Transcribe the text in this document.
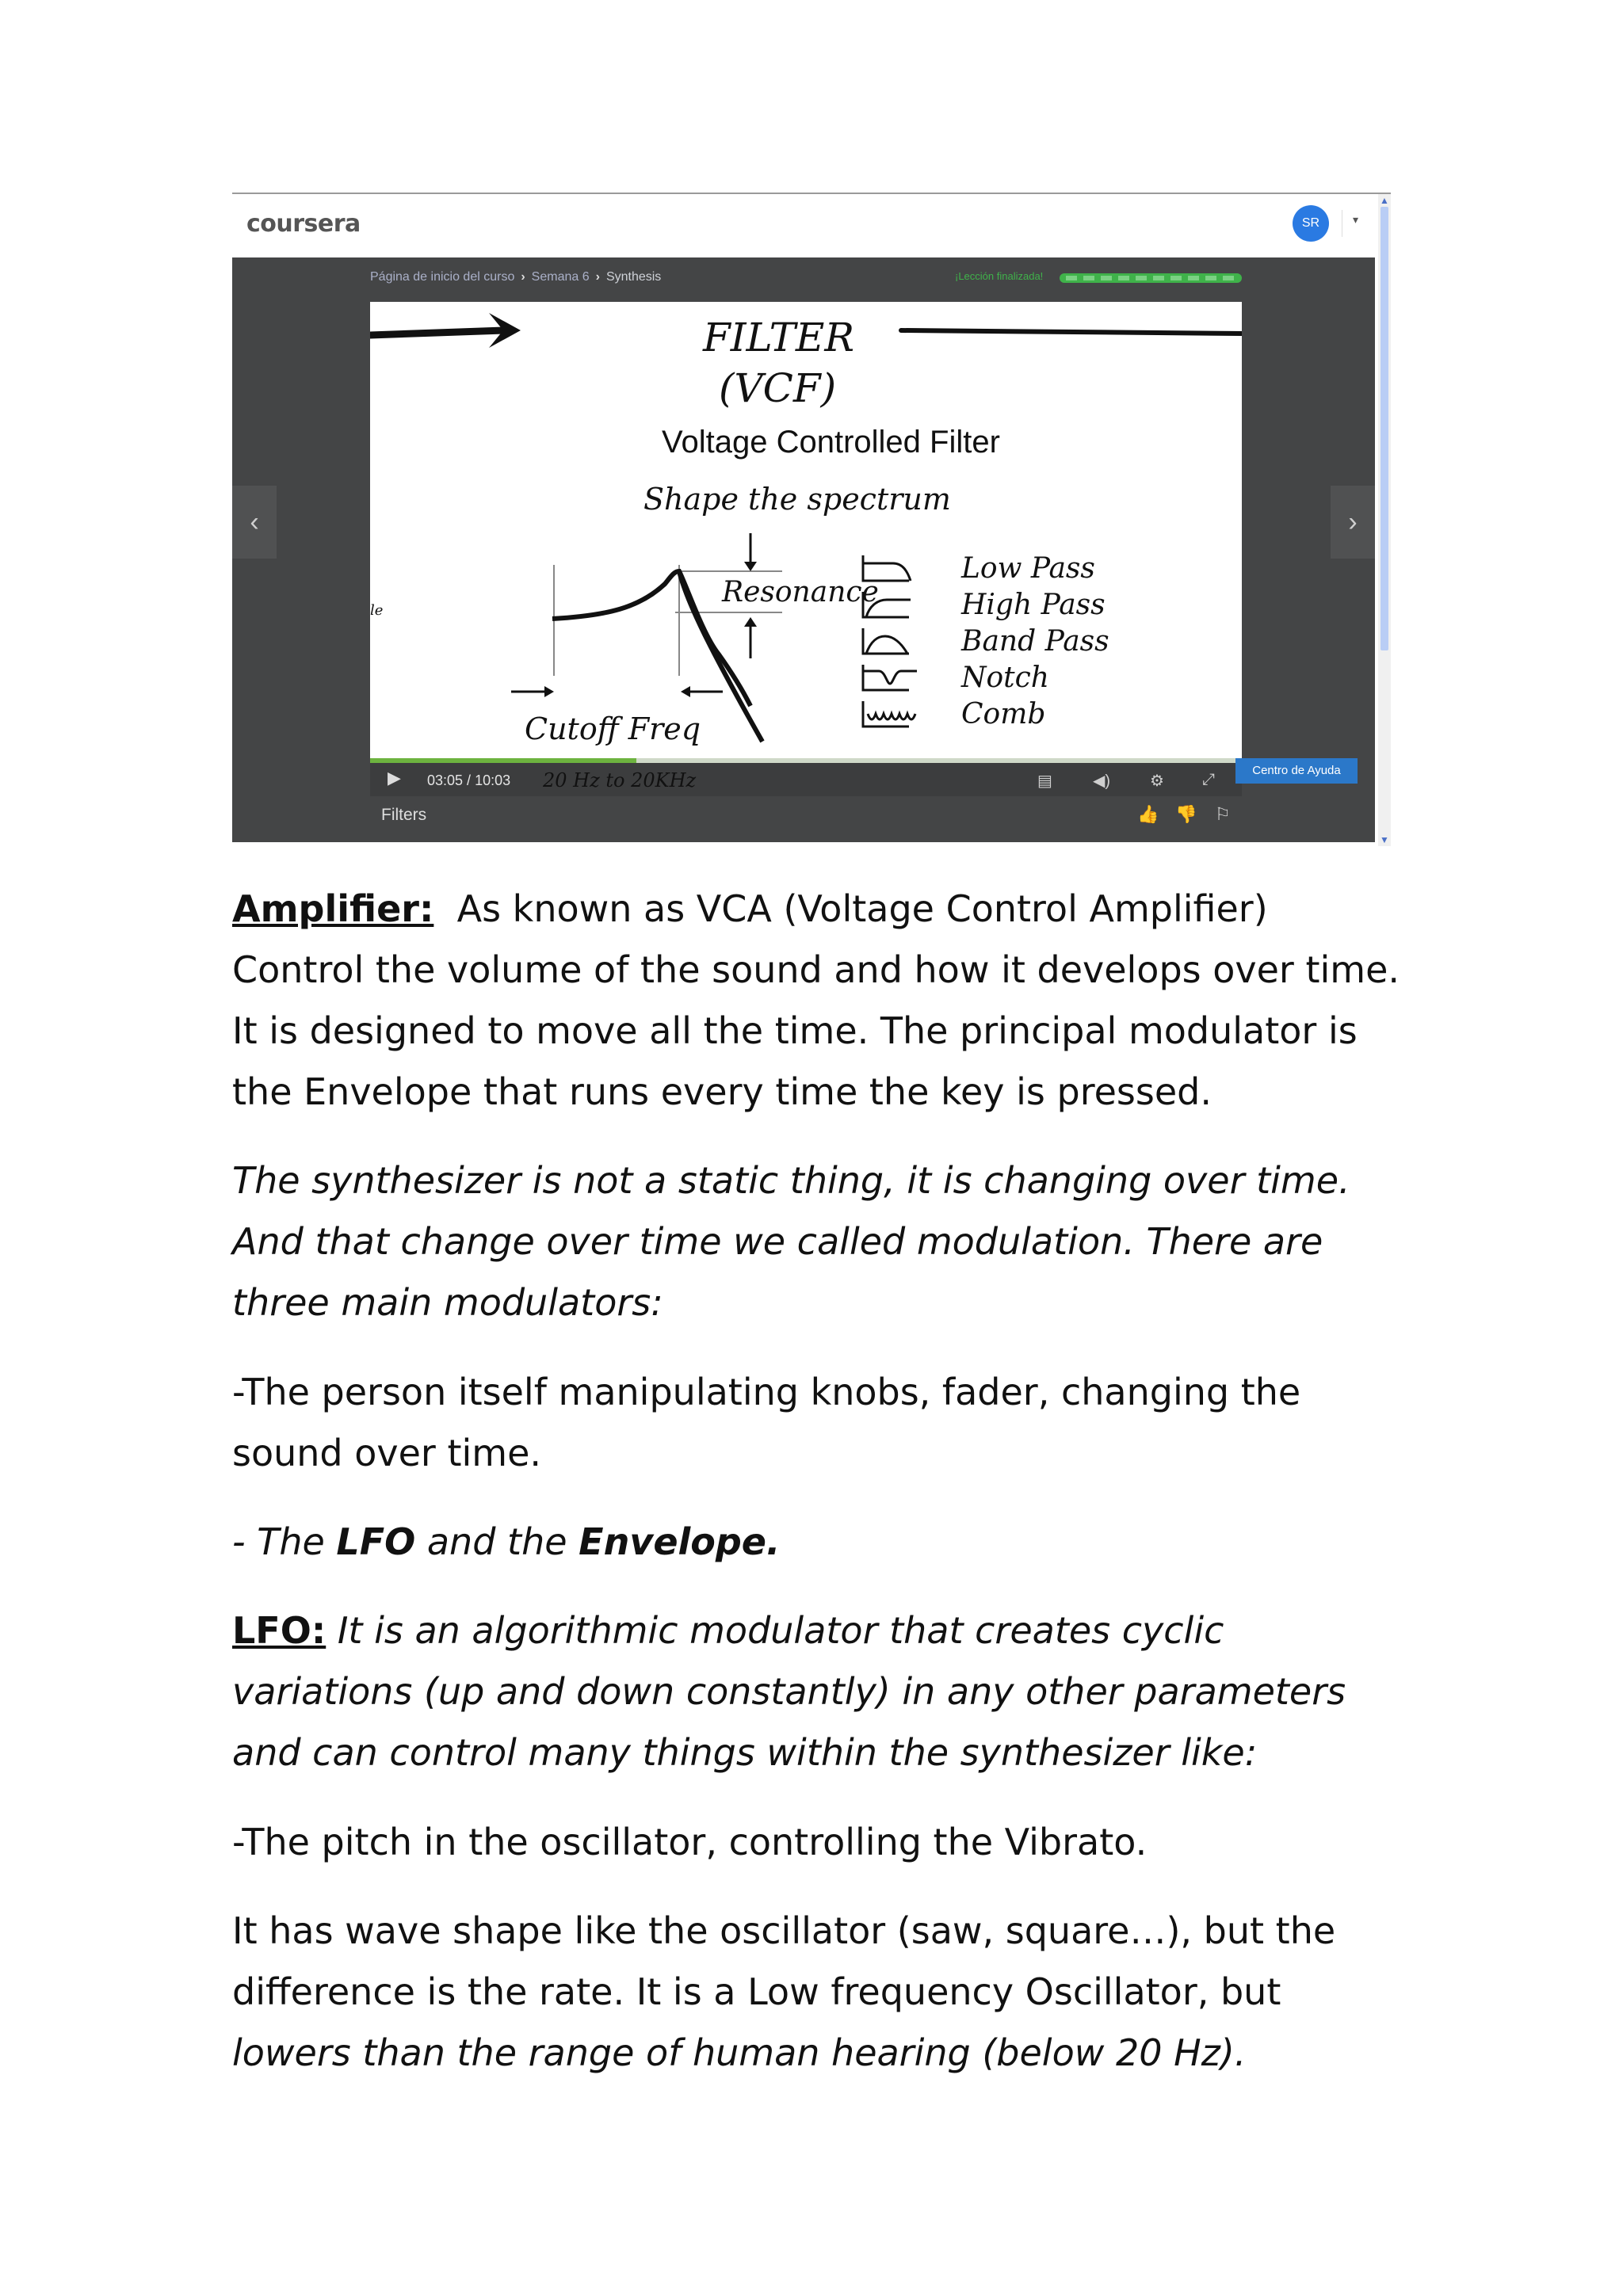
coursera	SR	▾
▲
▼
Página de inicio del curso › Semana 6 › Synthesis	¡Lección finalizada!
‹	›
FILTER
(VCF)
Voltage Controlled Filter
Shape the spectrum
le
Resonance
Cutoff Freq
Low Pass
High Pass
Band Pass
Notch
Comb
▶ 03:05 / 10:03 20 Hz to 20KHz	▤	◀) ⚙ ⤢
Filters	👍 👎 ⚐
Centro de Ayuda

Amplifier:  As known as VCA (Voltage Control Amplifier) Control the volume of the sound and how it develops over time. It is designed to move all the time. The principal modulator is the Envelope that runs every time the key is pressed.

The synthesizer is not a static thing, it is changing over time. And that change over time we called modulation. There are three main modulators:

-The person itself manipulating knobs, fader, changing the sound over time.

- The LFO and the Envelope.

LFO: It is an algorithmic modulator that creates cyclic variations (up and down constantly) in any other parameters and can control many things within the synthesizer like:

-The pitch in the oscillator, controlling the Vibrato.

It has wave shape like the oscillator (saw, square…), but the difference is the rate. It is a Low frequency Oscillator, but lowers than the range of human hearing (below 20 Hz).
